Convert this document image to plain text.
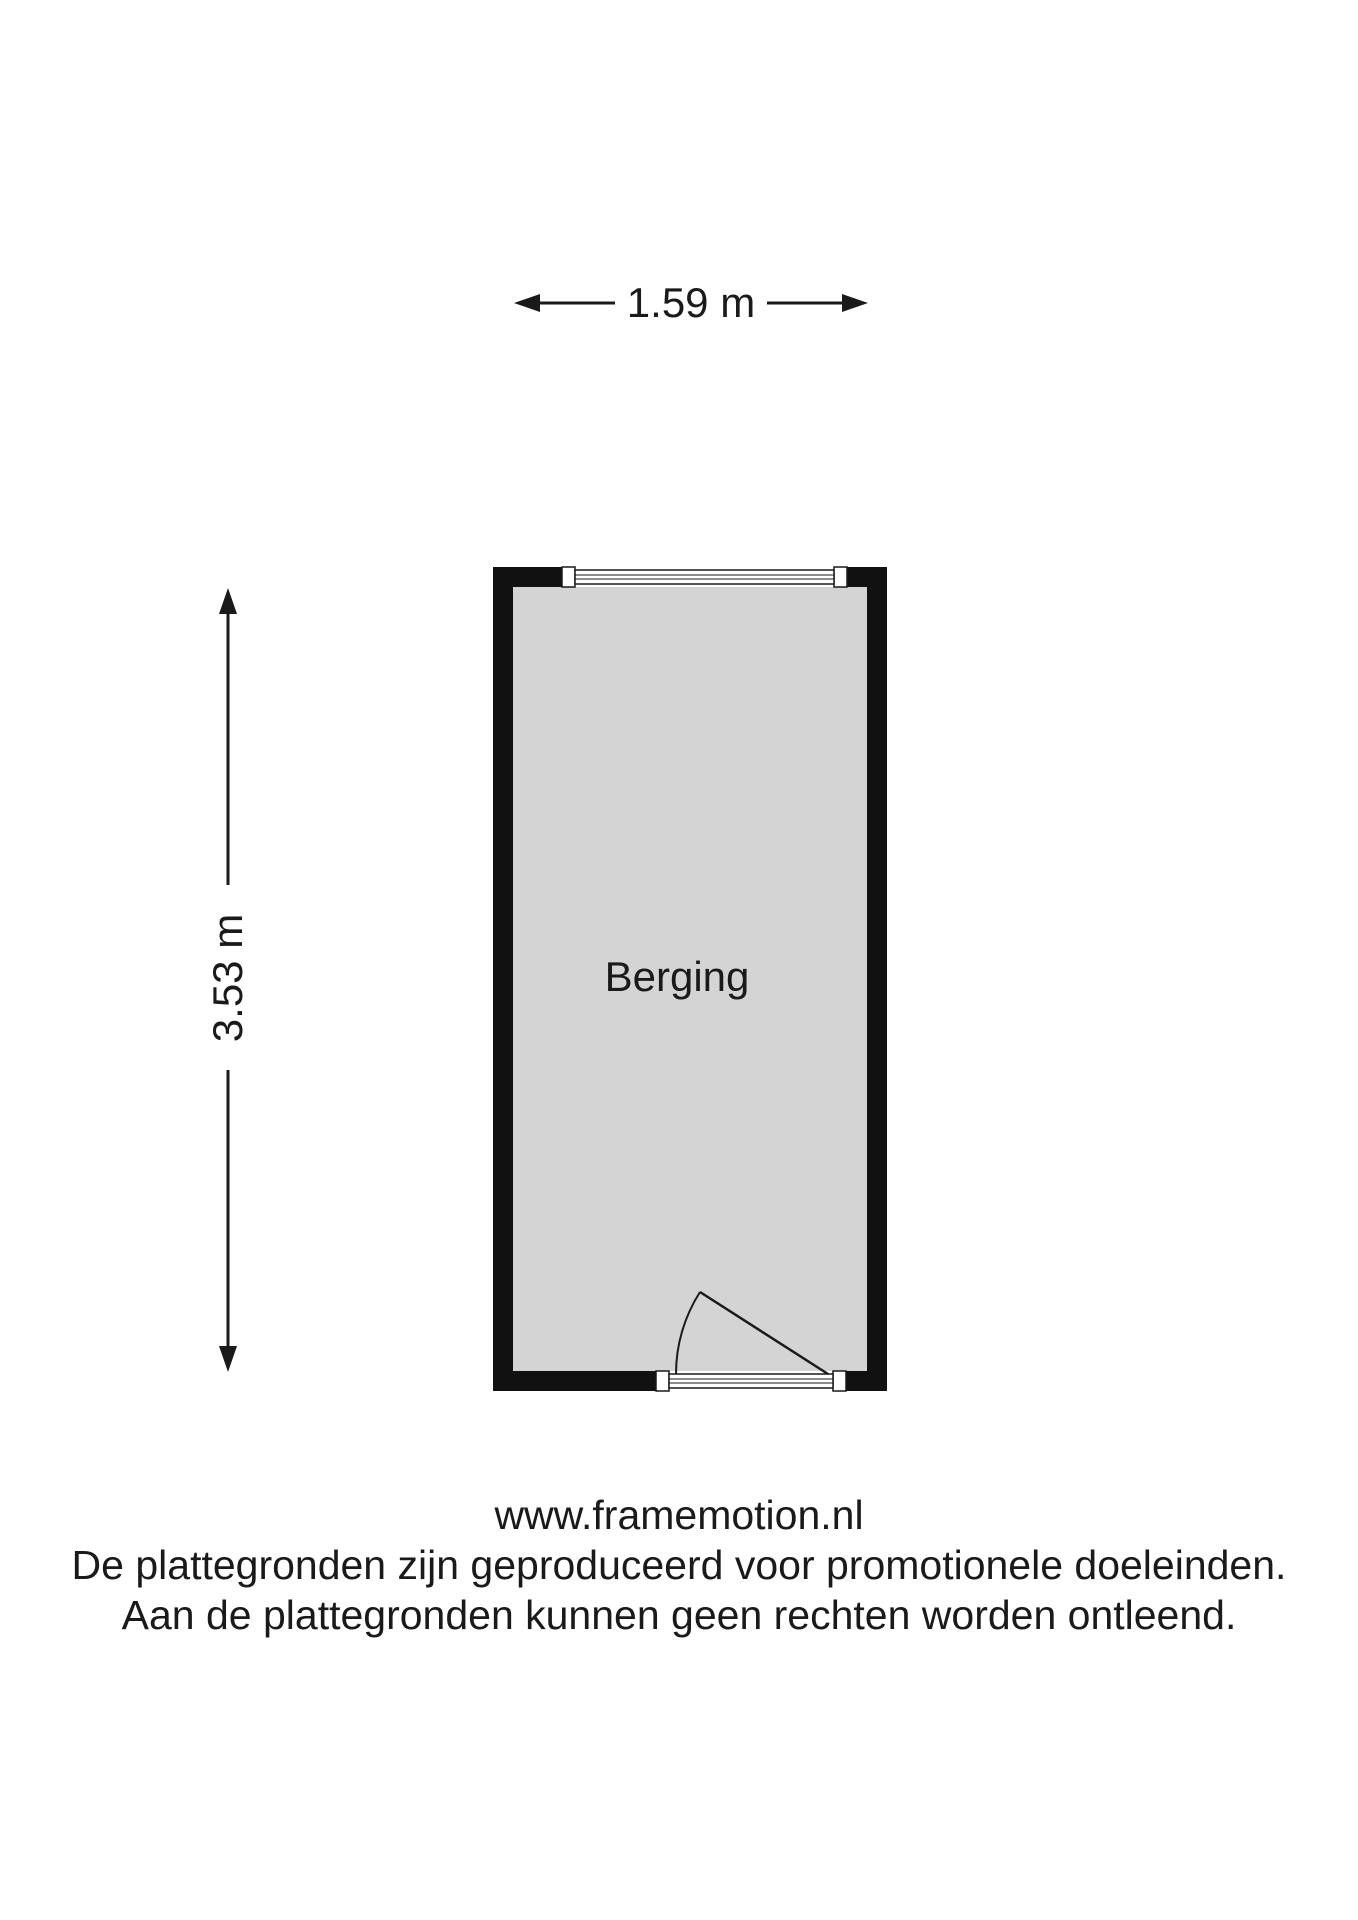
1.59 m
3.53 m	Berging
www.framemotion.nl
De plattegronden zijn geproduceerd voor promotionele doeleinden.
Aan de plattegronden kunnen geen rechten worden ontleend.
